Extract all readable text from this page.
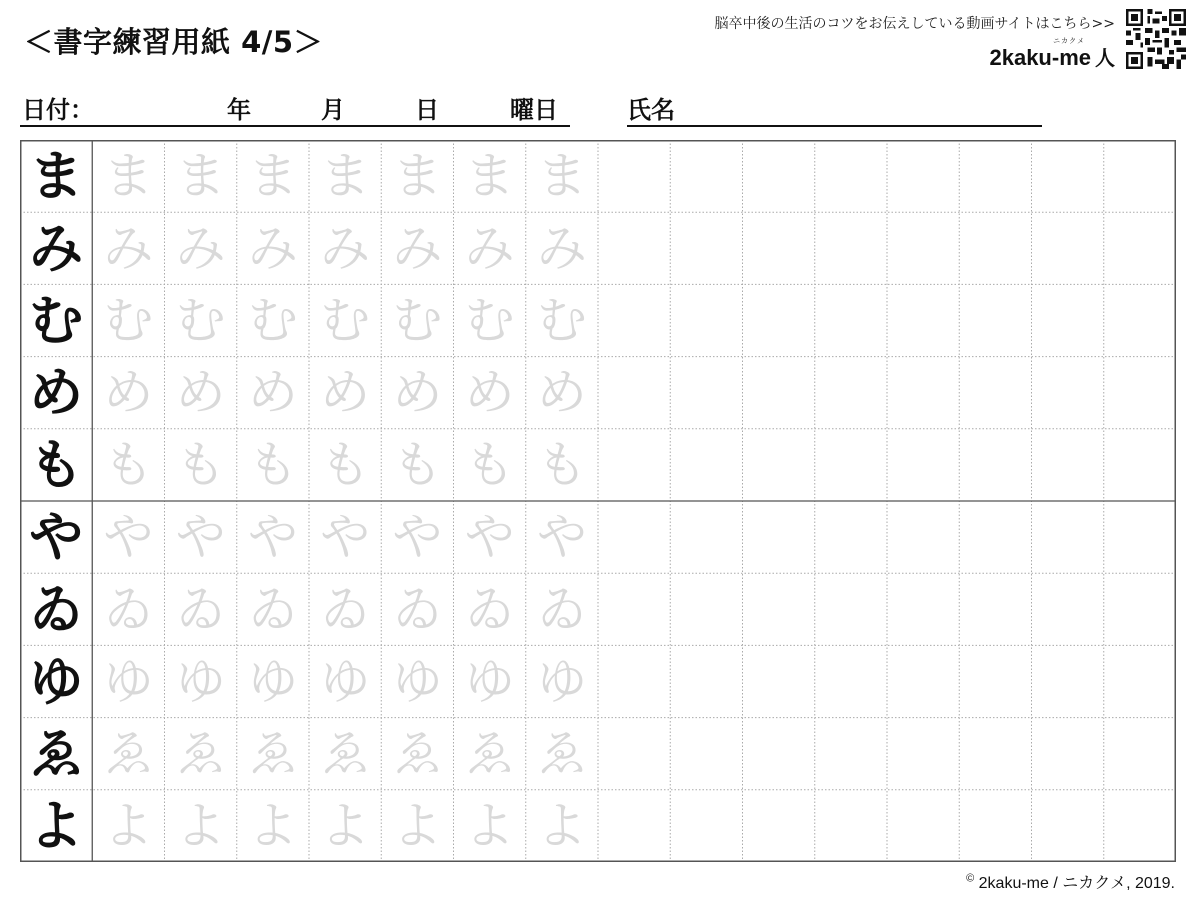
＜書字練習用紙 4/5＞
脳卒中後の生活のコツをお伝えしている動画サイトはこちら>>
ニカクメ
2kaku-me 人
日付：	年	月	日	曜日	氏名
ま ま ま ま ま ま ま ま
み み み み み み み み
む む む む む む む む
め め め め め め め め
も も も も も も も も
や や や や や や や や
ゐ ゐ ゐ ゐ ゐ ゐ ゐ ゐ
ゆ ゆ ゆ ゆ ゆ ゆ ゆ ゆ
ゑ ゑ ゑ ゑ ゑ ゑ ゑ ゑ
よ よ よ よ よ よ よ よ
© 2kaku-me / ニカクメ, 2019.
